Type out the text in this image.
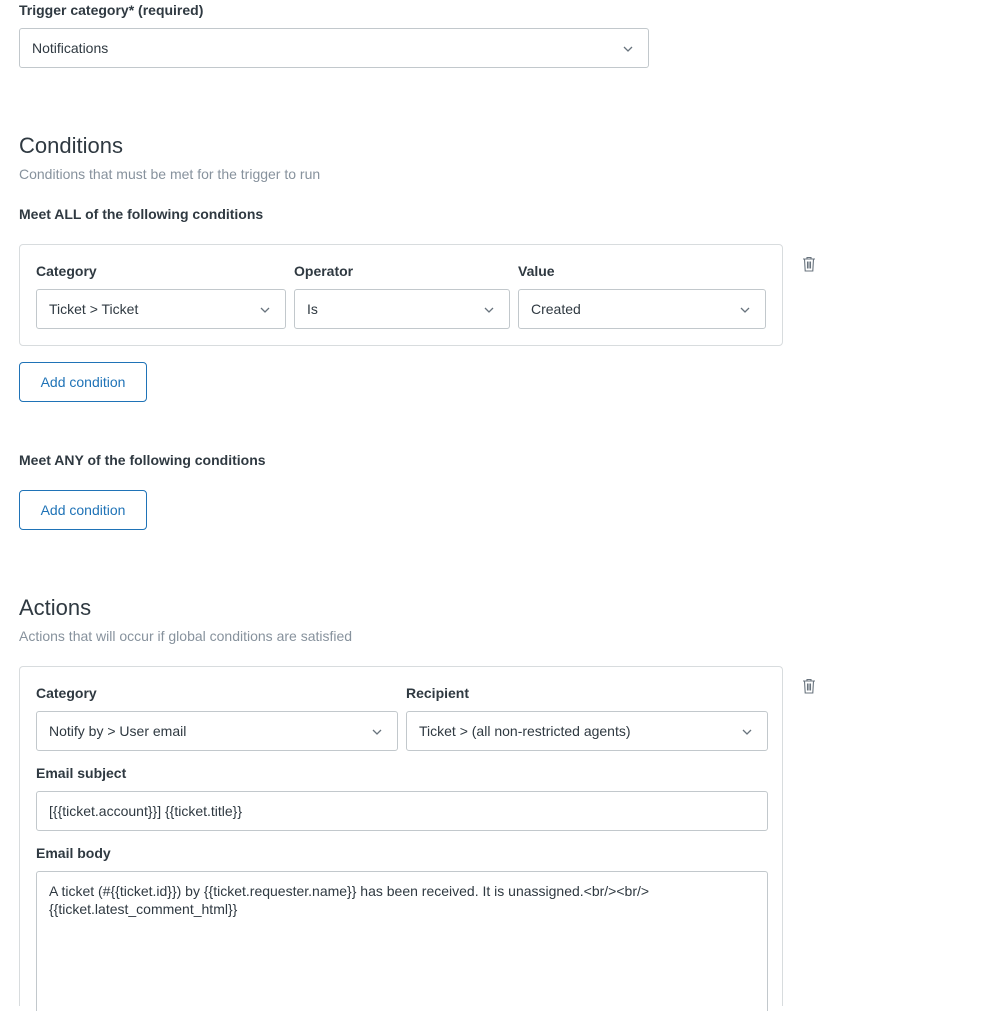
Trigger category* (required)
Notifications
Conditions
Conditions that must be met for the trigger to run
Meet ALL of the following conditions
Category	Operator	Value
Ticket > Ticket	Is	Created
Add condition
Meet ANY of the following conditions
Add condition
Actions
Actions that will occur if global conditions are satisfied
Category	Recipient
Notify by > User email	Ticket > (all non-restricted agents)
Email subject
[{{ticket.account}}] {{ticket.title}}
Email body
A ticket (#{{ticket.id}}) by {{ticket.requester.name}} has been received. It is unassigned.<br/><br/>
{{ticket.latest_comment_html}}
